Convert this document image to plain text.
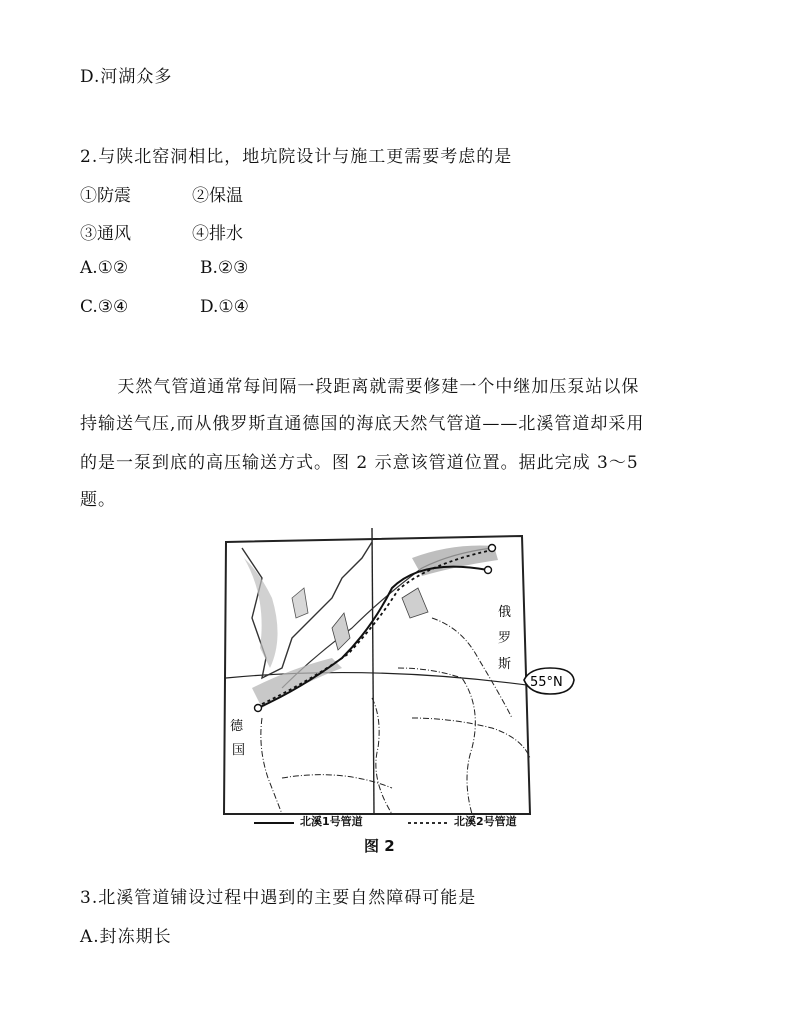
D.河湖众多
2.与陕北窑洞相比，地坑院设计与施工更需要考虑的是
①防震	②保温
③通风	④排水
A.①②	B.②③
C.③④	D.①④
天然气管道通常每间隔一段距离就需要修建一个中继加压泵站以保
持输送气压,而从俄罗斯直通德国的海底天然气管道——北溪管道却采用
的是一泵到底的高压输送方式。图 2 示意该管道位置。据此完成 3～5
题。
俄
罗
斯
德
国
55°N
北溪1号管道	北溪2号管道
图 2
3.北溪管道铺设过程中遇到的主要自然障碍可能是
A.封冻期长
